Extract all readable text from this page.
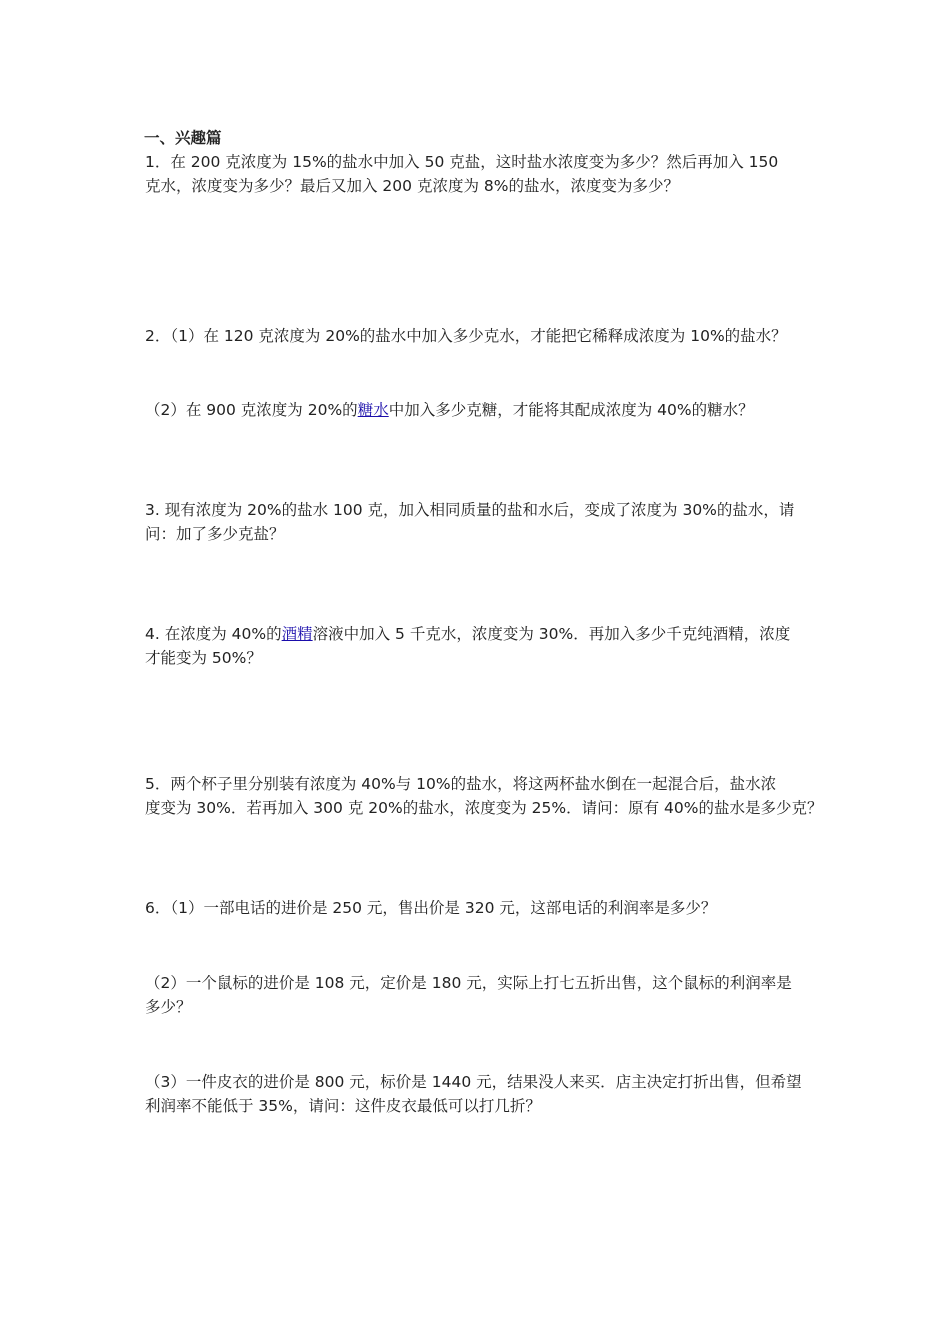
一、兴趣篇
1．在 200 克浓度为 15%的盐水中加入 50 克盐，这时盐水浓度变为多少？然后再加入 150
克水，浓度变为多少？最后又加入 200 克浓度为 8%的盐水，浓度变为多少？
2．（1）在 120 克浓度为 20%的盐水中加入多少克水，才能把它稀释成浓度为 10%的盐水？
（2）在 900 克浓度为 20%的糖水中加入多少克糖，才能将其配成浓度为 40%的糖水？
3. 现有浓度为 20%的盐水 100 克，加入相同质量的盐和水后，变成了浓度为 30%的盐水，请
问：加了多少克盐？
4. 在浓度为 40%的酒精溶液中加入 5 千克水，浓度变为 30%．再加入多少千克纯酒精，浓度
才能变为 50%？
5．两个杯子里分别装有浓度为 40%与 10%的盐水，将这两杯盐水倒在一起混合后，盐水浓
度变为 30%．若再加入 300 克 20%的盐水，浓度变为 25%．请问：原有 40%的盐水是多少克？
6．（1）一部电话的进价是 250 元，售出价是 320 元，这部电话的利润率是多少？
（2）一个鼠标的进价是 108 元，定价是 180 元，实际上打七五折出售，这个鼠标的利润率是
多少？
（3）一件皮衣的进价是 800 元，标价是 1440 元，结果没人来买．店主决定打折出售，但希望
利润率不能低于 35%，请问：这件皮衣最低可以打几折？
